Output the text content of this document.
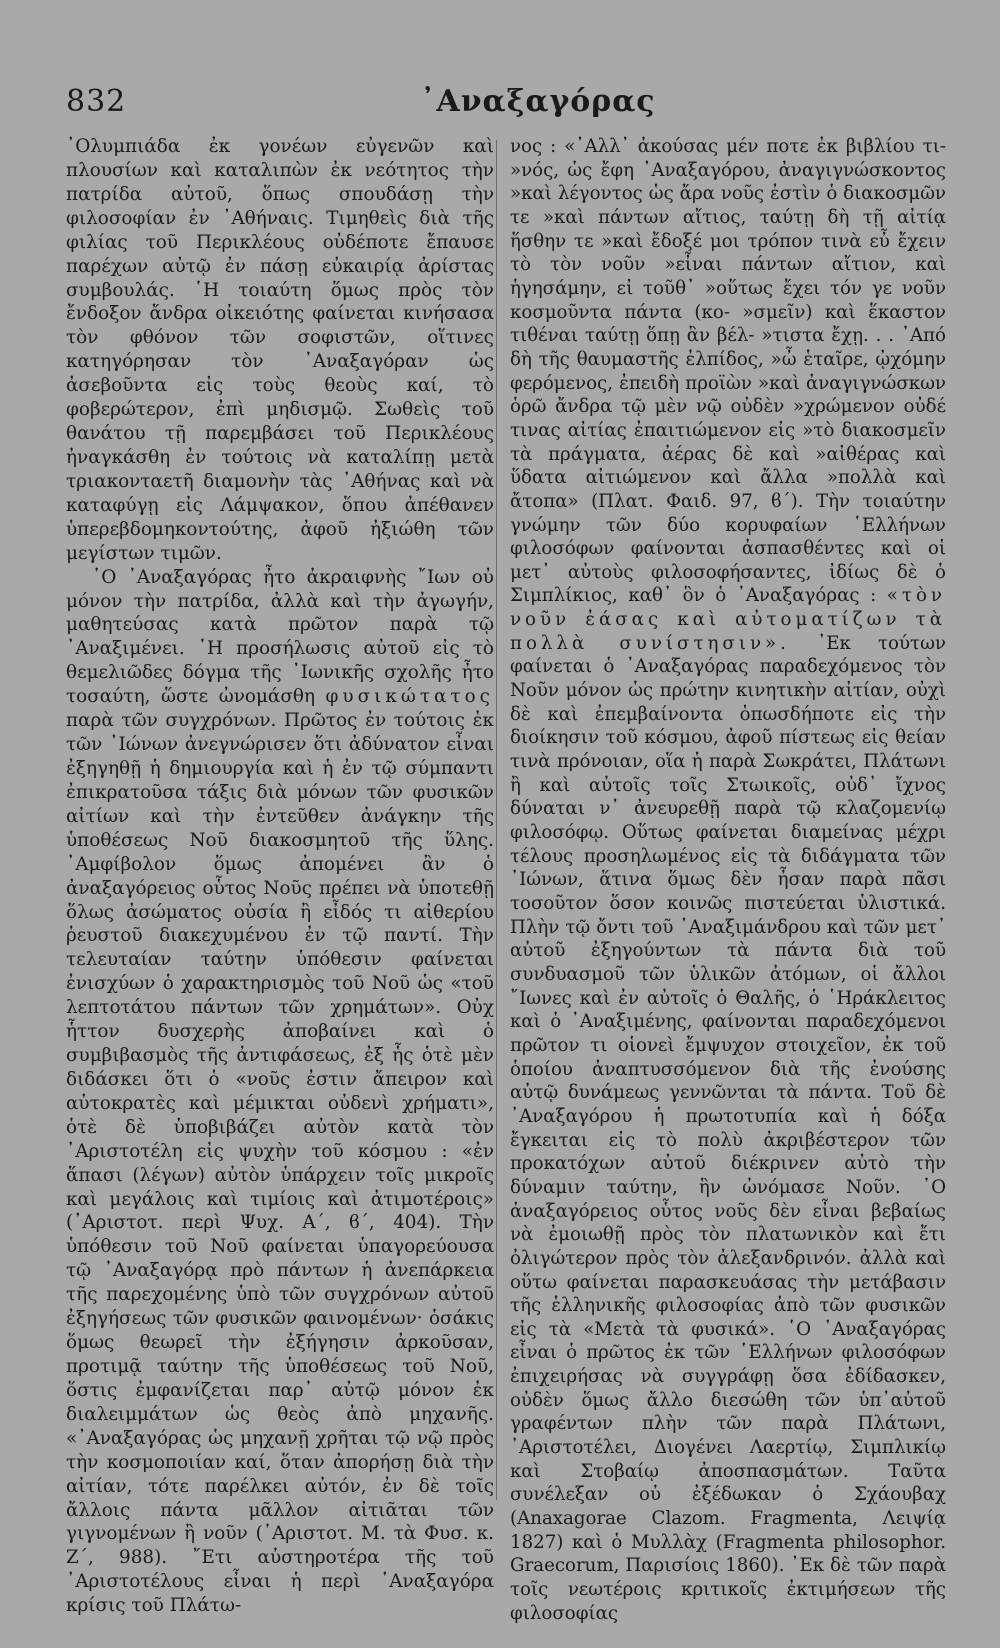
832	᾿Αναξαγόρας

᾿Ολυμπιάδα ἐκ γονέων εὐγενῶν καὶ πλουσίων καὶ καταλιπὼν ἐκ νεότητος τὴν πατρίδα αὐτοῦ, ὅπως σπουδάσῃ τὴν φιλοσοφίαν ἐν ᾿Αθήναις. Τιμηθεὶς διὰ τῆς φιλίας τοῦ Περικλέους οὐδέποτε ἔπαυσε παρέχων αὐτῷ ἐν πάσῃ εὐκαιρίᾳ ἀρίστας συμβουλάς. ῾Η τοιαύτη ὅμως πρὸς τὸν ἔνδοξον ἄνδρα οἰκειότης φαίνεται κινήσασα τὸν φθόνον τῶν σοφιστῶν, οἵτινες κατηγόρησαν τὸν ᾿Αναξαγόραν ὡς ἀσεβοῦντα εἰς τοὺς θεοὺς καί, τὸ φοβερώτερον, ἐπὶ μηδισμῷ. Σωθεὶς τοῦ θανάτου τῇ παρεμβάσει τοῦ Περικλέους ἠναγκάσθη ἐν τούτοις νὰ καταλίπῃ μετὰ τριακονταετῆ διαμονὴν τὰς ᾿Αθήνας καὶ νὰ καταφύγῃ εἰς Λάμψακον, ὅπου ἀπέθανεν ὑπερεβδομηκοντούτης, ἀφοῦ ἠξιώθη τῶν μεγίστων τιμῶν.

῾Ο ᾿Αναξαγόρας ἦτο ἀκραιφνὴς ῎Ιων οὐ μόνον τὴν πατρίδα, ἀλλὰ καὶ τὴν ἀγωγήν, μαθητεύσας κατὰ πρῶτον παρὰ τῷ ᾿Αναξιμένει. ῾Η προσήλωσις αὐτοῦ εἰς τὸ θεμελιῶδες δόγμα τῆς ᾿Ιωνικῆς σχολῆς ἦτο τοσαύτη, ὥστε ὠνομάσθη φυσικώτατος παρὰ τῶν συγχρόνων. Πρῶτος ἐν τούτοις ἐκ τῶν ᾿Ιώνων ἀνεγνώρισεν ὅτι ἀδύνατον εἶναι ἐξηγηθῇ ἡ δημιουργία καὶ ἡ ἐν τῷ σύμπαντι ἐπικρατοῦσα τάξις διὰ μόνων τῶν φυσικῶν αἰτίων καὶ τὴν ἐντεῦθεν ἀνάγκην τῆς ὑποθέσεως Νοῦ διακοσμητοῦ τῆς ὕλης. ᾿Αμφίβολον ὅμως ἀπομένει ἂν ὁ ἀναξαγόρειος οὗτος Νοῦς πρέπει νὰ ὑποτεθῇ ὅλως ἀσώματος οὐσία ἢ εἶδός τι αἰθερίου ῥευστοῦ διακεχυμένου ἐν τῷ παντί. Τὴν τελευταίαν ταύτην ὑπόθεσιν φαίνεται ἐνισχύων ὁ χαρακτηρισμὸς τοῦ Νοῦ ὡς «τοῦ λεπτοτάτου πάντων τῶν χρημάτων». Οὐχ ἧττον δυσχερὴς ἀποβαίνει καὶ ὁ συμβιβασμὸς τῆς ἀντιφάσεως, ἐξ ἧς ὁτὲ μὲν διδάσκει ὅτι ὁ «νοῦς ἐστιν ἄπειρον καὶ αὐτοκρατὲς καὶ μέμικται οὐδενὶ χρήματι», ὁτὲ δὲ ὑποβιβάζει αὐτὸν κατὰ τὸν ᾿Αριστοτέλη εἰς ψυχὴν τοῦ κόσμου : «ἐν ἅπασι (λέγων) αὐτὸν ὑπάρχειν τοῖς μικροῖς καὶ μεγάλοις καὶ τιμίοις καὶ ἀτιμοτέροις» (᾿Αριστοτ. περὶ Ψυχ. Α΄, ϐ΄, 404). Τὴν ὑπόθεσιν τοῦ Νοῦ φαίνεται ὑπαγορεύουσα τῷ ᾿Αναξαγόρᾳ πρὸ πάντων ἡ ἀνεπάρκεια τῆς παρεχομένης ὑπὸ τῶν συγχρόνων αὐτοῦ ἐξηγήσεως τῶν φυσικῶν φαινομένων· ὁσάκις ὅμως θεωρεῖ τὴν ἐξήγησιν ἀρκοῦσαν, προτιμᾷ ταύτην τῆς ὑποθέσεως τοῦ Νοῦ, ὅστις ἐμφανίζεται παρ᾿ αὐτῷ μόνον ἐκ διαλειμμάτων ὡς θεὸς ἀπὸ μηχανῆς. «᾿Αναξαγόρας ὡς μηχανῇ χρῆται τῷ νῷ πρὸς τὴν κοσμοποιίαν καί, ὅταν ἀπορήσῃ διὰ τὴν αἰτίαν, τότε παρέλκει αὐτόν, ἐν δὲ τοῖς ἄλλοις πάντα μᾶλλον αἰτιᾶται τῶν γιγνομένων ἢ νοῦν (᾿Αριστοτ. Μ. τὰ Φυσ. κ. Ζ΄, 988). ῎Ετι αὐστηροτέρα τῆς τοῦ ᾿Αριστοτέλους εἶναι ἡ περὶ ᾿Αναξαγόρα κρίσις τοῦ Πλάτω-

νος : «᾿Αλλ᾿ ἀκούσας μέν ποτε ἐκ βιβλίου τι- »νός, ὡς ἔφη ᾿Αναξαγόρου, ἀναγιγνώσκοντος »καὶ λέγοντος ὡς ἄρα νοῦς ἐστὶν ὁ διακοσμῶν τε »καὶ πάντων αἴτιος, ταύτῃ δὴ τῇ αἰτίᾳ ἥσθην τε »καὶ ἔδοξέ μοι τρόπον τινὰ εὖ ἔχειν τὸ τὸν νοῦν »εἶναι πάντων αἴτιον, καὶ ἡγησάμην, εἰ τοῦθ᾿ »οὕτως ἔχει τόν γε νοῦν κοσμοῦντα πάντα (κο- »σμεῖν) καὶ ἕκαστον τιθέναι ταύτῃ ὅπῃ ἂν βέλ- »τιστα ἔχῃ. . . ᾿Από δὴ τῆς θαυμαστῆς ἐλπίδος, »ὦ ἑταῖρε, ᾠχόμην φερόμενος, ἐπειδὴ προϊὼν »καὶ ἀναγιγνώσκων ὁρῶ ἄνδρα τῷ μὲν νῷ οὐδὲν »χρώμενον οὐδέ τινας αἰτίας ἐπαιτιώμενον εἰς »τὸ διακοσμεῖν τὰ πράγματα, ἀέρας δὲ καὶ »αἰθέρας καὶ ὕδατα αἰτιώμενον καὶ ἄλλα »πολλὰ καὶ ἄτοπα» (Πλατ. Φαιδ. 97, ϐ΄). Τὴν τοιαύτην γνώμην τῶν δύο κορυφαίων ῾Ελλήνων φιλοσόφων φαίνονται ἀσπασθέντες καὶ οἱ μετ᾿ αὐτοὺς φιλοσοφήσαντες, ἰδίως δὲ ὁ Σιμπλίκιος, καθ᾿ ὃν ὁ ᾿Αναξαγόρας : «τὸν νοῦν ἐάσας καὶ αὐτοματίζων τὰ πολλὰ συνίστησιν». ᾿Εκ τούτων φαίνεται ὁ ᾿Αναξαγόρας παραδεχόμενος τὸν Νοῦν μόνον ὡς πρώτην κινητικὴν αἰτίαν, οὐχὶ δὲ καὶ ἐπεμβαίνοντα ὁπωσδήποτε εἰς τὴν διοίκησιν τοῦ κόσμου, ἀφοῦ πίστεως εἰς θείαν τινὰ πρόνοιαν, οἵα ἡ παρὰ Σωκράτει, Πλάτωνι ἢ καὶ αὐτοῖς τοῖς Στωικοῖς, οὐδ᾿ ἴχνος δύναται ν᾿ ἀνευρεθῇ παρὰ τῷ κλαζομενίῳ φιλοσόφῳ. Οὕτως φαίνεται διαμείνας μέχρι τέλους προσηλωμένος εἰς τὰ διδάγματα τῶν ᾿Ιώνων, ἅτινα ὅμως δὲν ἦσαν παρὰ πᾶσι τοσοῦτον ὅσον κοινῶς πιστεύεται ὑλιστικά. Πλὴν τῷ ὄντι τοῦ ᾿Αναξιμάνδρου καὶ τῶν μετ᾿ αὐτοῦ ἐξηγούντων τὰ πάντα διὰ τοῦ συνδυασμοῦ τῶν ὑλικῶν ἀτόμων, οἱ ἄλλοι ῎Ιωνες καὶ ἐν αὐτοῖς ὁ Θαλῆς, ὁ ῾Ηράκλειτος καὶ ὁ ᾿Αναξιμένης, φαίνονται παραδεχόμενοι πρῶτον τι οἱονεὶ ἔμψυχον στοιχεῖον, ἐκ τοῦ ὁποίου ἀναπτυσσόμενον διὰ τῆς ἐνούσης αὐτῷ δυνάμεως γεννῶνται τὰ πάντα. Τοῦ δὲ ᾿Αναξαγόρου ἡ πρωτοτυπία καὶ ἡ δόξα ἔγκειται εἰς τὸ πολὺ ἀκριβέστερον τῶν προκατόχων αὐτοῦ διέκρινεν αὐτὸ τὴν δύναμιν ταύτην, ἣν ὠνόμασε Νοῦν. ῾Ο ἀναξαγόρειος οὗτος νοῦς δὲν εἶναι βεβαίως νὰ ἐμοιωθῇ πρὸς τὸν πλατωνικὸν καὶ ἔτι ὀλιγώτερον πρὸς τὸν ἀλεξανδρινόν. ἀλλὰ καὶ οὕτω φαίνεται παρασκευάσας τὴν μετάβασιν τῆς ἑλληνικῆς φιλοσοφίας ἀπὸ τῶν φυσικῶν εἰς τὰ «Μετὰ τὰ φυσικά». ῾Ο ᾿Αναξαγόρας εἶναι ὁ πρῶτος ἐκ τῶν ῾Ελλήνων φιλοσόφων ἐπιχειρήσας νὰ συγγράφῃ ὅσα ἐδίδασκεν, οὐδὲν ὅμως ἄλλο διεσώθη τῶν ὑπ᾿αὐτοῦ γραφέντων πλὴν τῶν παρὰ Πλάτωνι, ᾿Αριστοτέλει, Διογένει Λαερτίῳ, Σιμπλικίῳ καὶ Στοβαίῳ ἀποσπασμάτων. Ταῦτα συνέλεξαν οὐ ἐξέδωκαν ὁ Σχάουβαχ (Anaxagorae Clazom. Fragmenta, Λειψίᾳ 1827) καὶ ὁ Μυλλὰχ (Fragmenta philosophor. Graecorum, Παρισίοις 1860). ᾿Εκ δὲ τῶν παρὰ τοῖς νεωτέροις κριτικοῖς ἐκτιμήσεων τῆς φιλοσοφίας
